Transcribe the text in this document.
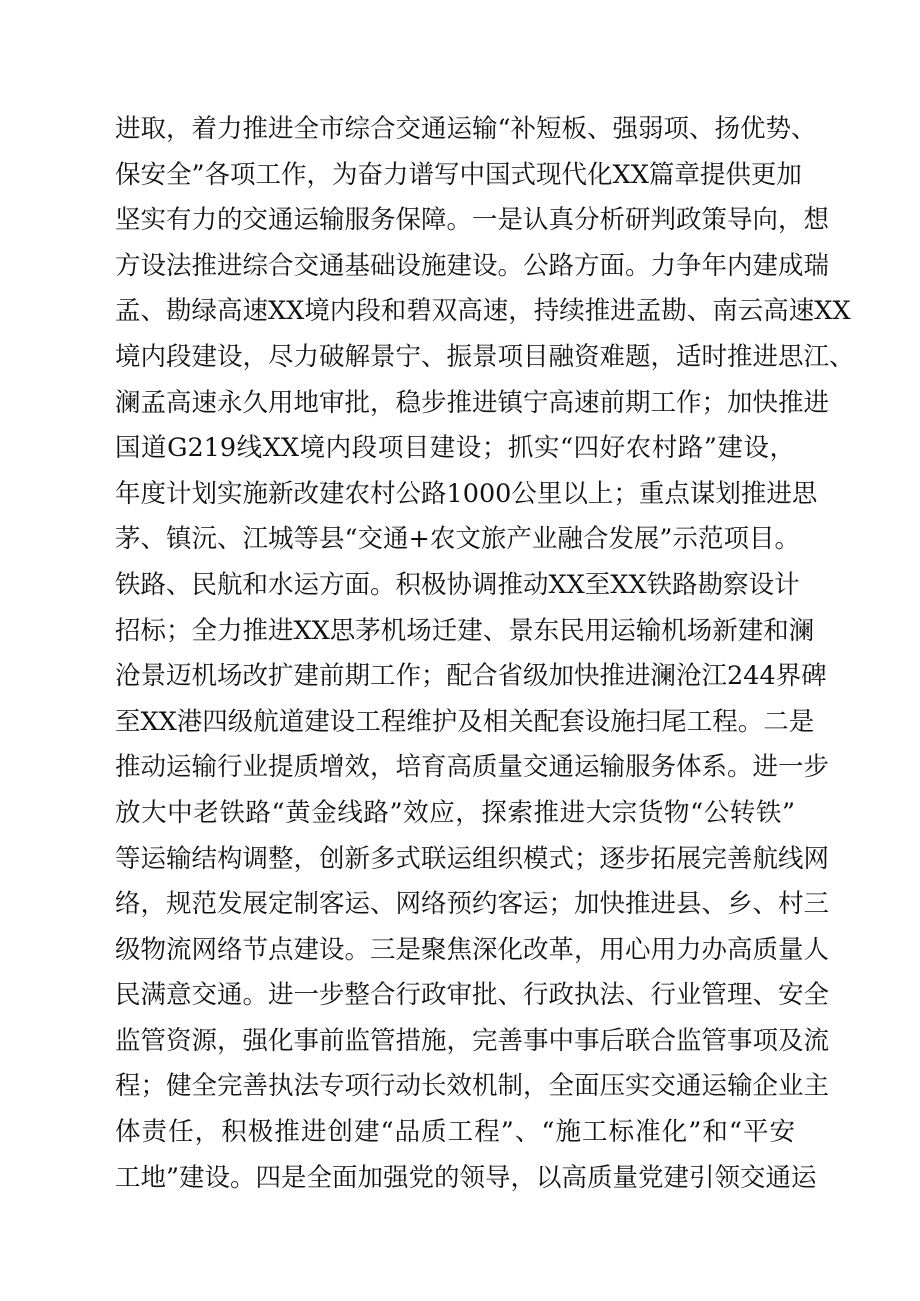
进取，着力推进全市综合交通运输“补短板、强弱项、扬优势、
保安全”各项工作，为奋力谱写中国式现代化XX篇章提供更加
坚实有力的交通运输服务保障。一是认真分析研判政策导向，想
方设法推进综合交通基础设施建设。公路方面。力争年内建成瑞
孟、勘绿高速XX境内段和碧双高速，持续推进孟勘、南云高速XX
境内段建设，尽力破解景宁、振景项目融资难题，适时推进思江、
澜孟高速永久用地审批，稳步推进镇宁高速前期工作；加快推进
国道G219线XX境内段项目建设；抓实“四好农村路”建设，
年度计划实施新改建农村公路1000公里以上；重点谋划推进思
茅、镇沅、江城等县“交通+农文旅产业融合发展”示范项目。
铁路、民航和水运方面。积极协调推动XX至XX铁路勘察设计
招标；全力推进XX思茅机场迁建、景东民用运输机场新建和澜
沧景迈机场改扩建前期工作；配合省级加快推进澜沧江244界碑
至XX港四级航道建设工程维护及相关配套设施扫尾工程。二是
推动运输行业提质增效，培育高质量交通运输服务体系。进一步
放大中老铁路“黄金线路”效应，探索推进大宗货物“公转铁”
等运输结构调整，创新多式联运组织模式；逐步拓展完善航线网
络，规范发展定制客运、网络预约客运；加快推进县、乡、村三
级物流网络节点建设。三是聚焦深化改革，用心用力办高质量人
民满意交通。进一步整合行政审批、行政执法、行业管理、安全
监管资源，强化事前监管措施，完善事中事后联合监管事项及流
程；健全完善执法专项行动长效机制，全面压实交通运输企业主
体责任，积极推进创建“品质工程”、“施工标准化”和“平安
工地”建设。四是全面加强党的领导，以高质量党建引领交通运
